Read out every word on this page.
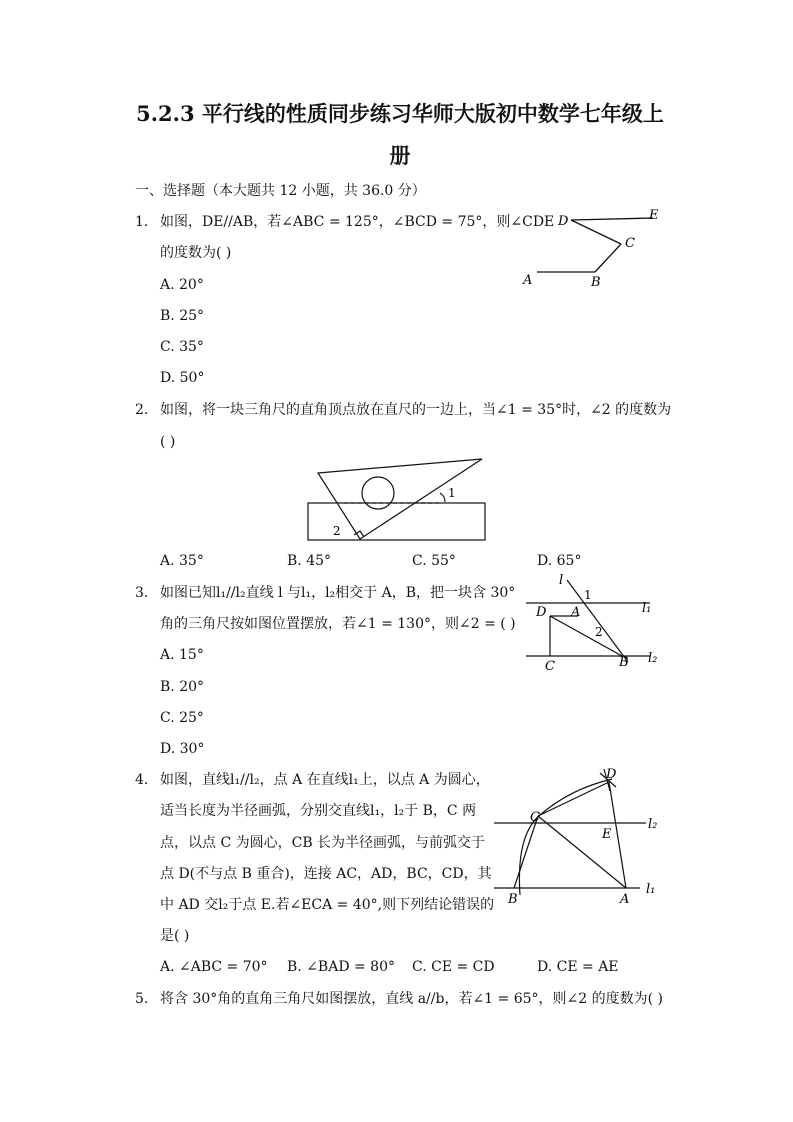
5.2.3 平行线的性质同步练习华师大版初中数学七年级上
册
一、选择题（本大题共 12 小题，共 36.0 分）
1. 如图，DE//AB，若∠ABC = 125°，∠BCD = 75°，则∠CDE
的度数为( )
A. 20°
B. 25°
C. 35°
D. 50°
D	E
C
A	B
2. 如图，将一块三角尺的直角顶点放在直尺的一边上，当∠1 = 35°时，∠2 的度数为
( )
1
2
A. 35°	B. 45°	C. 55°	D. 65°
3. 如图已知l₁//l₂直线 l 与l₁，l₂相交于 A，B，把一块含 30°
角的三角尺按如图位置摆放，若∠1 = 130°，则∠2 = ( )
A. 15°
B. 20°
C. 25°
D. 30°
l
1
l₁
D A
2
C	B l₂
4. 如图，直线l₁//l₂，点 A 在直线l₁上，以点 A 为圆心，
适当长度为半径画弧，分别交直线l₁，l₂于 B，C 两
点，以点 C 为圆心，CB 长为半径画弧，与前弧交于
点 D(不与点 B 重合)，连接 AC，AD，BC，CD，其
中 AD 交l₂于点 E.若∠ECA = 40°,则下列结论错误的
是( )
D
C	l₂
E
B	A
l₁
A. ∠ABC = 70° B. ∠BAD = 80° C. CE = CD	D. CE = AE
5. 将含 30°角的直角三角尺如图摆放，直线 a//b，若∠1 = 65°，则∠2 的度数为( )
